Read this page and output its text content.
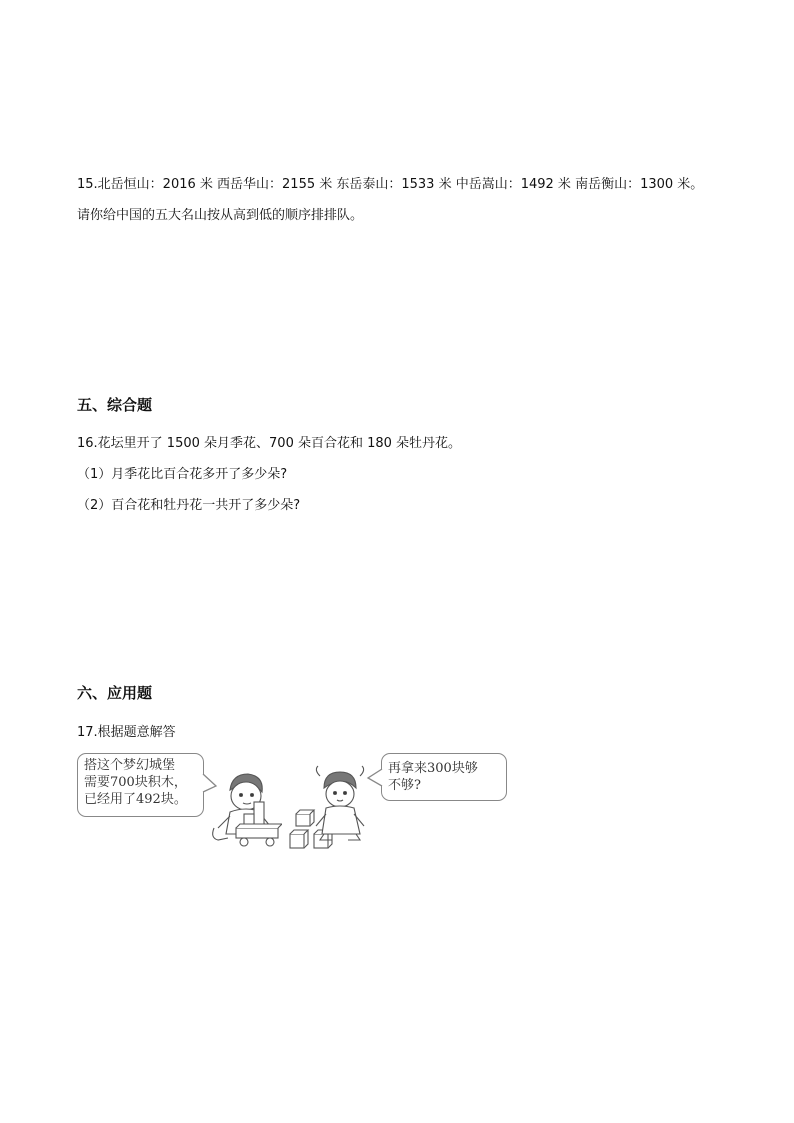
15.北岳恒山：2016 米 西岳华山：2155 米 东岳泰山：1533 米 中岳嵩山：1492 米 南岳衡山：1300 米。
请你给中国的五大名山按从高到低的顺序排排队。
五、综合题
16.花坛里开了 1500 朵月季花、700 朵百合花和 180 朵牡丹花。
（1）月季花比百合花多开了多少朵?
（2）百合花和牡丹花一共开了多少朵?
六、应用题
17.根据题意解答
搭这个梦幻城堡
需要700块积木，
已经用了492块。
再拿来300块够
不够?
